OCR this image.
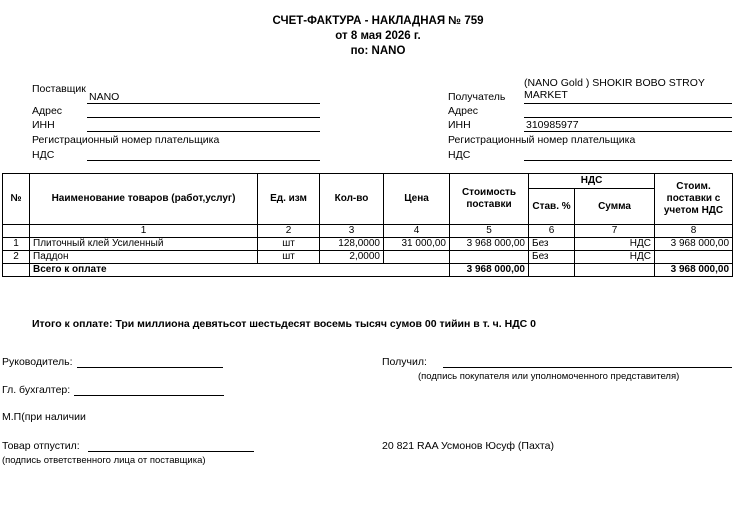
СЧЕТ-ФАКТУРА - НАКЛАДНАЯ № 759
от 8 мая 2026 г.
по: NANO
Поставщик
NANO
Адрес
ИНН
Регистрационный номер плательщика
НДС
(NANO Gold ) SHOKIR BOBO STROY MARKET
Получатель
Адрес
ИНН	310985977
Регистрационный номер плательщика
НДС
№	Наименование товаров (работ,услуг)	Ед. изм	Кол-во	Цена	Стоимость поставки	НДС		Стоим. поставки с учетом НДС
						Став. %	Сумма	
	1	2	3	4	5	6	7	8
1	Плиточный клей Усиленный	шт	128,0000	31 000,00	3 968 000,00	Без	НДС	3 968 000,00
2	Паддон	шт	2,0000			Без	НДС	
	Всего к оплате				3 968 000,00			3 968 000,00
Итого к оплате: Три миллиона девятьсот шестьдесят восемь тысяч сумов 00 тийин в т. ч. НДС 0
Руководитель:	Получил:
(подпись покупателя или уполномоченного представителя)
Гл. бухгалтер:
М.П(при наличии
Товар отпустил:
(подпись ответственного лица от поставщика)
20 821 RAA Усмонов Юсуф (Пахта)
